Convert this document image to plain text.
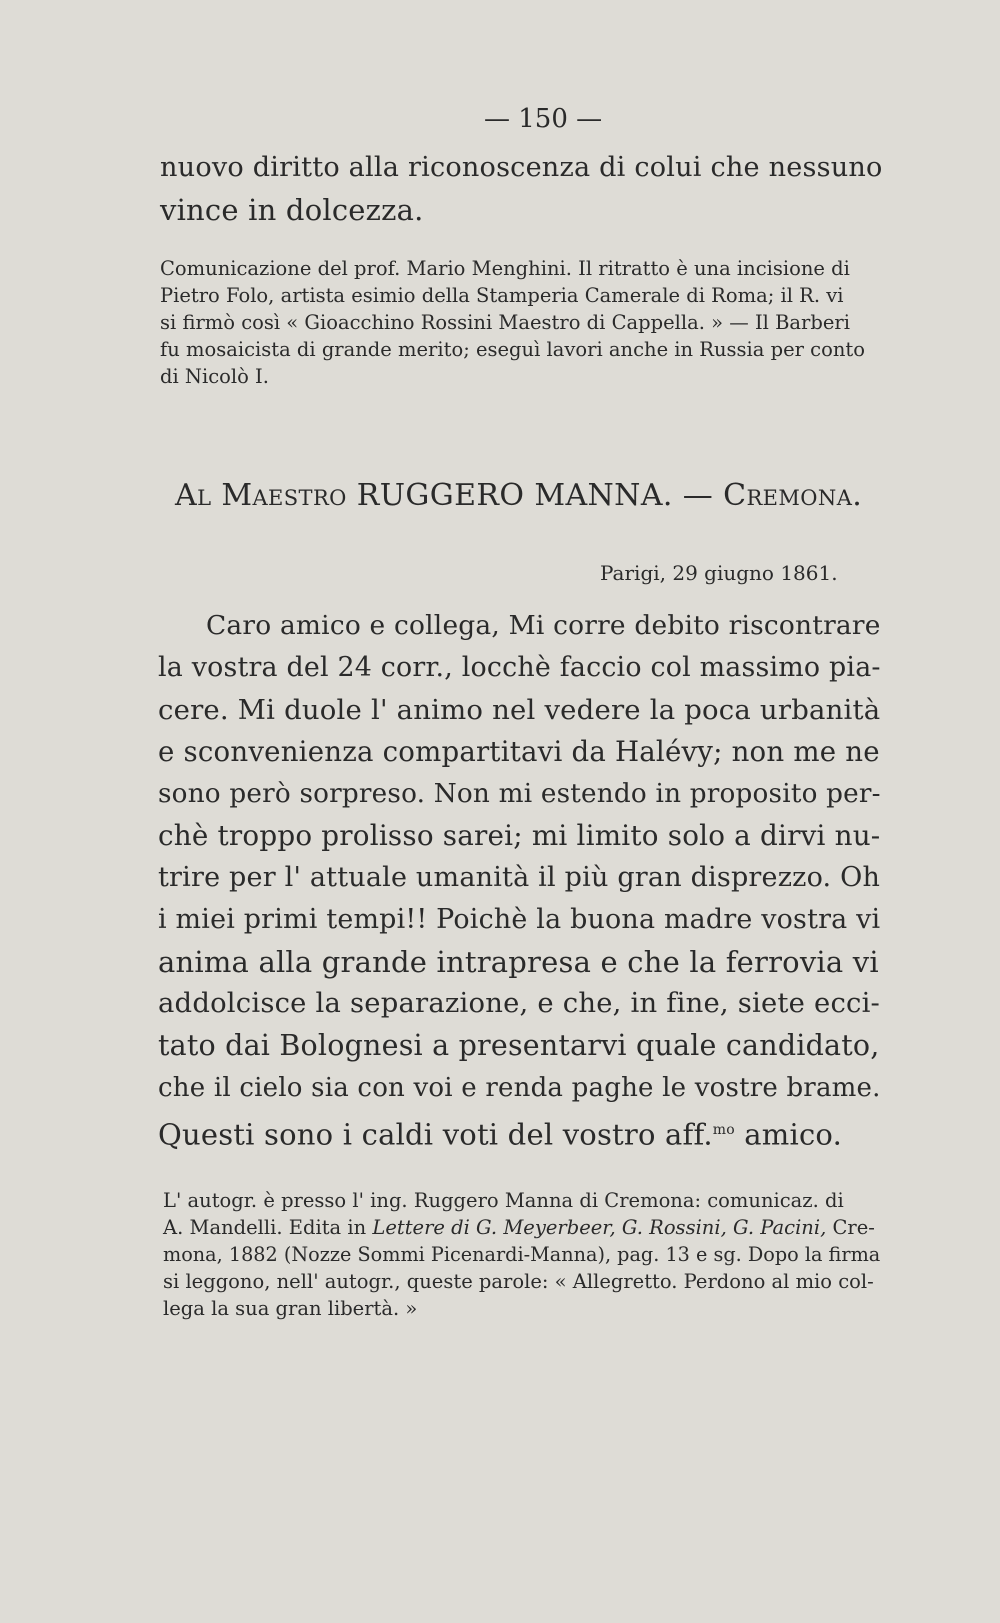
— 150 —
nuovo diritto alla riconoscenza di colui che nessuno
vince in dolcezza.
Comunicazione del prof. Mario Menghini. Il ritratto è una incisione di
Pietro Folo, artista esimio della Stamperia Camerale di Roma; il R. vi
si firmò così « Gioacchino Rossini Maestro di Cappella. » — Il Barberi
fu mosaicista di grande merito; eseguì lavori anche in Russia per conto
di Nicolò I.
Al Maestro RUGGERO MANNA. — Cremona.
Parigi, 29 giugno 1861.
Caro amico e collega, Mi corre debito riscontrare
la vostra del 24 corr., locchè faccio col massimo pia-
cere. Mi duole l' animo nel vedere la poca urbanità
e sconvenienza compartitavi da Halévy; non me ne
sono però sorpreso. Non mi estendo in proposito per-
chè troppo prolisso sarei; mi limito solo a dirvi nu-
trire per l' attuale umanità il più gran disprezzo. Oh
i miei primi tempi!! Poichè la buona madre vostra vi
anima alla grande intrapresa e che la ferrovia vi
addolcisce la separazione, e che, in fine, siete ecci-
tato dai Bolognesi a presentarvi quale candidato,
che il cielo sia con voi e renda paghe le vostre brame.
Questi sono i caldi voti del vostro aff.$^{mo}$ amico.
L' autogr. è presso l' ing. Ruggero Manna di Cremona: comunicaz. di
A. Mandelli. Edita in Lettere di G. Meyerbeer, G. Rossini, G. Pacini, Cre-
mona, 1882 (Nozze Sommi Picenardi-Manna), pag. 13 e sg. Dopo la firma
si leggono, nell' autogr., queste parole: « Allegretto. Perdono al mio col-
lega la sua gran libertà. »
